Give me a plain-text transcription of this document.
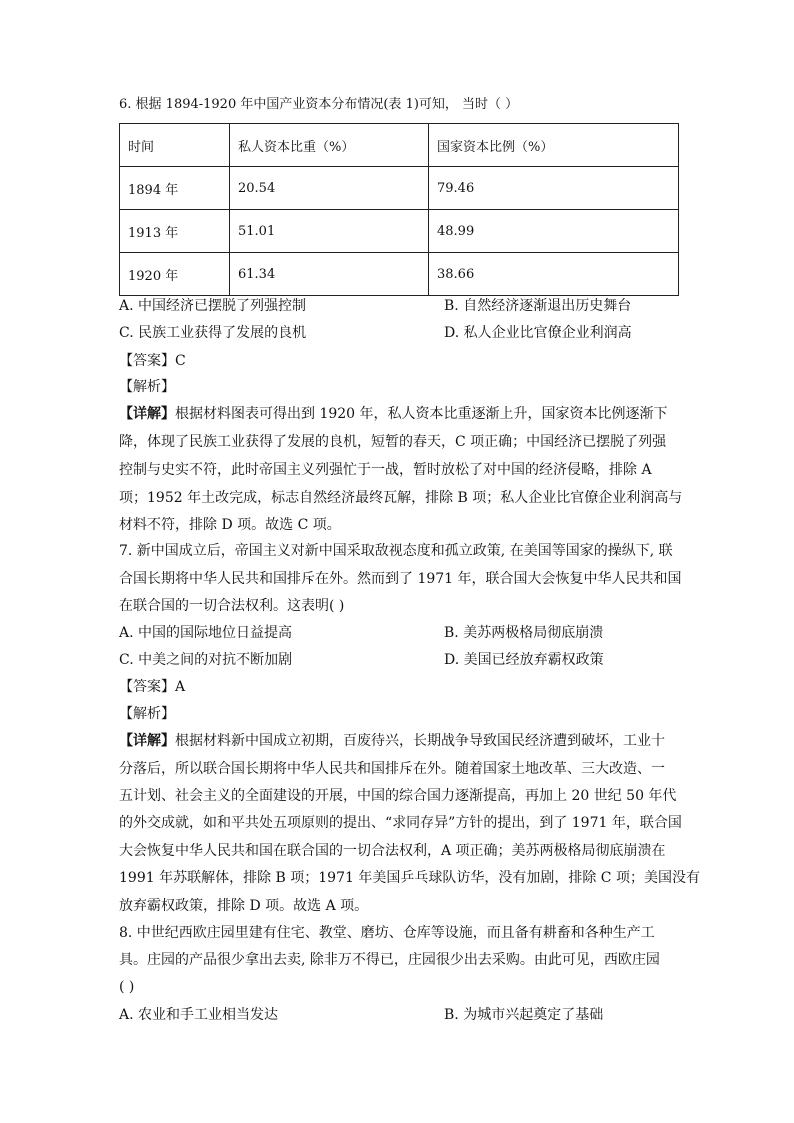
6. 根据 1894-1920 年中国产业资本分布情况(表 1)可知， 当时（ ）
时间	私人资本比重（%）	国家资本比例（%）
1894 年	20.54	79.46
1913 年	51.01	48.99
1920 年	61.34	38.66
A. 中国经济已摆脱了列强控制	B. 自然经济逐渐退出历史舞台
C. 民族工业获得了发展的良机	D. 私人企业比官僚企业利润高
【答案】C
【解析】
【详解】根据材料图表可得出到 1920 年，私人资本比重逐渐上升，国家资本比例逐渐下
降，体现了民族工业获得了发展的良机，短暂的春天，C 项正确；中国经济已摆脱了列强
控制与史实不符，此时帝国主义列强忙于一战，暂时放松了对中国的经济侵略，排除 A
项；1952 年土改完成，标志自然经济最终瓦解，排除 B 项；私人企业比官僚企业利润高与
材料不符，排除 D 项。故选 C 项。
7. 新中国成立后，帝国主义对新中国采取敌视态度和孤立政策, 在美国等国家的操纵下, 联
合国长期将中华人民共和国排斥在外。然而到了 1971 年，联合国大会恢复中华人民共和国
在联合国的一切合法权利。这表明( )
A. 中国的国际地位日益提高	B. 美苏两极格局彻底崩溃
C. 中美之间的对抗不断加剧	D. 美国已经放弃霸权政策
【答案】A
【解析】
【详解】根据材料新中国成立初期，百废待兴，长期战争导致国民经济遭到破坏，工业十
分落后，所以联合国长期将中华人民共和国排斥在外。随着国家土地改革、三大改造、一
五计划、社会主义的全面建设的开展，中国的综合国力逐渐提高，再加上 20 世纪 50 年代
的外交成就，如和平共处五项原则的提出、“求同存异”方针的提出，到了 1971 年，联合国
大会恢复中华人民共和国在联合国的一切合法权利，A 项正确；美苏两极格局彻底崩溃在
1991 年苏联解体，排除 B 项；1971 年美国乒乓球队访华，没有加剧，排除 C 项；美国没有
放弃霸权政策，排除 D 项。故选 A 项。
8. 中世纪西欧庄园里建有住宅、教堂、磨坊、仓库等设施，而且备有耕畜和各种生产工
具。庄园的产品很少拿出去卖, 除非万不得已，庄园很少出去采购。由此可见，西欧庄园
( )
A. 农业和手工业相当发达	B. 为城市兴起奠定了基础
